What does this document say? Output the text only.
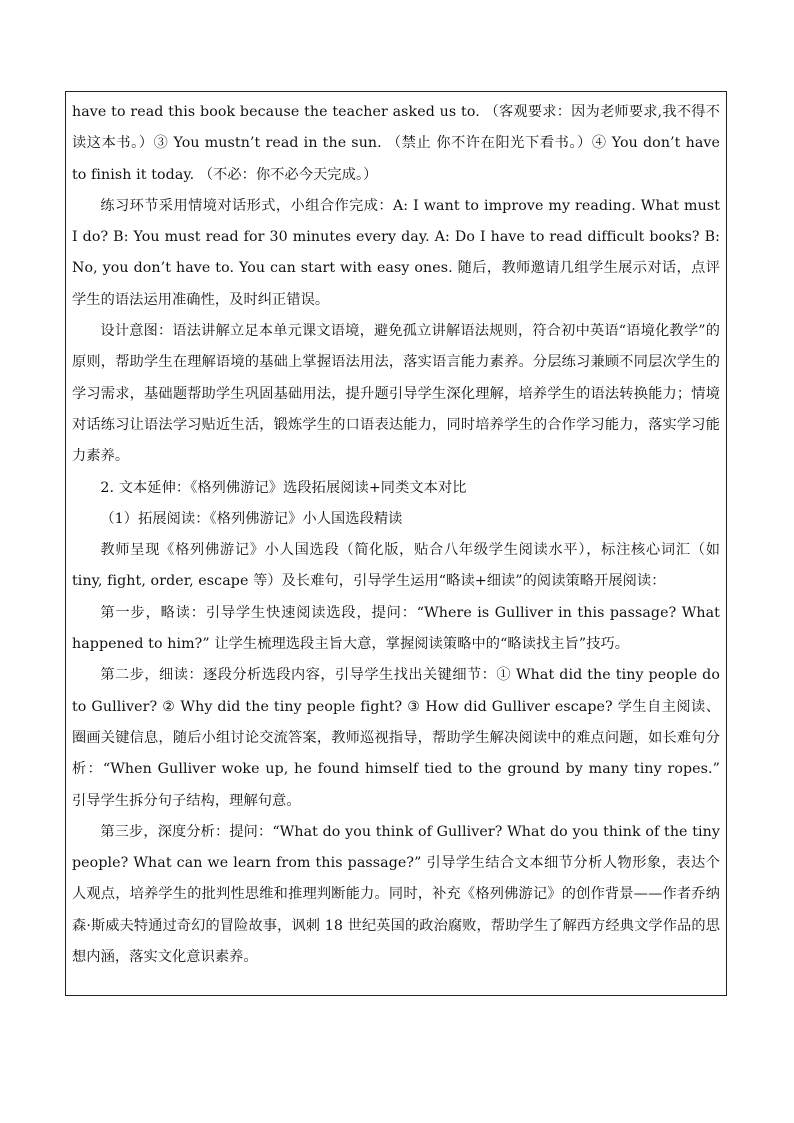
have to read this book because the teacher asked us to. （客观要求：因为老师要求,我不得不读这本书。）③ You mustn’t read in the sun. （禁止 你不许在阳光下看书。）④ You don’t have to finish it today. （不必：你不必今天完成。）

练习环节采用情境对话形式，小组合作完成：A: I want to improve my reading. What must I do? B: You must read for 30 minutes every day. A: Do I have to read difficult books? B: No, you don’t have to. You can start with easy ones. 随后，教师邀请几组学生展示对话，点评学生的语法运用准确性，及时纠正错误。

设计意图：语法讲解立足本单元课文语境，避免孤立讲解语法规则，符合初中英语“语境化教学”的原则，帮助学生在理解语境的基础上掌握语法用法，落实语言能力素养。分层练习兼顾不同层次学生的学习需求，基础题帮助学生巩固基础用法，提升题引导学生深化理解，培养学生的语法转换能力；情境对话练习让语法学习贴近生活，锻炼学生的口语表达能力，同时培养学生的合作学习能力，落实学习能力素养。

2. 文本延伸：《格列佛游记》选段拓展阅读+同类文本对比

（1）拓展阅读：《格列佛游记》小人国选段精读

教师呈现《格列佛游记》小人国选段（简化版，贴合八年级学生阅读水平），标注核心词汇（如 tiny, fight, order, escape 等）及长难句，引导学生运用“略读+细读”的阅读策略开展阅读：

第一步，略读：引导学生快速阅读选段，提问：“Where is Gulliver in this passage? What happened to him?” 让学生梳理选段主旨大意，掌握阅读策略中的“略读找主旨”技巧。

第二步，细读：逐段分析选段内容，引导学生找出关键细节：① What did the tiny people do to Gulliver? ② Why did the tiny people fight? ③ How did Gulliver escape? 学生自主阅读、圈画关键信息，随后小组讨论交流答案，教师巡视指导，帮助学生解决阅读中的难点问题，如长难句分析：“When Gulliver woke up, he found himself tied to the ground by many tiny ropes.” 引导学生拆分句子结构，理解句意。

第三步，深度分析：提问：“What do you think of Gulliver? What do you think of the tiny people? What can we learn from this passage?” 引导学生结合文本细节分析人物形象，表达个人观点，培养学生的批判性思维和推理判断能力。同时，补充《格列佛游记》的创作背景——作者乔纳森·斯威夫特通过奇幻的冒险故事，讽刺 18 世纪英国的政治腐败，帮助学生了解西方经典文学作品的思想内涵，落实文化意识素养。
